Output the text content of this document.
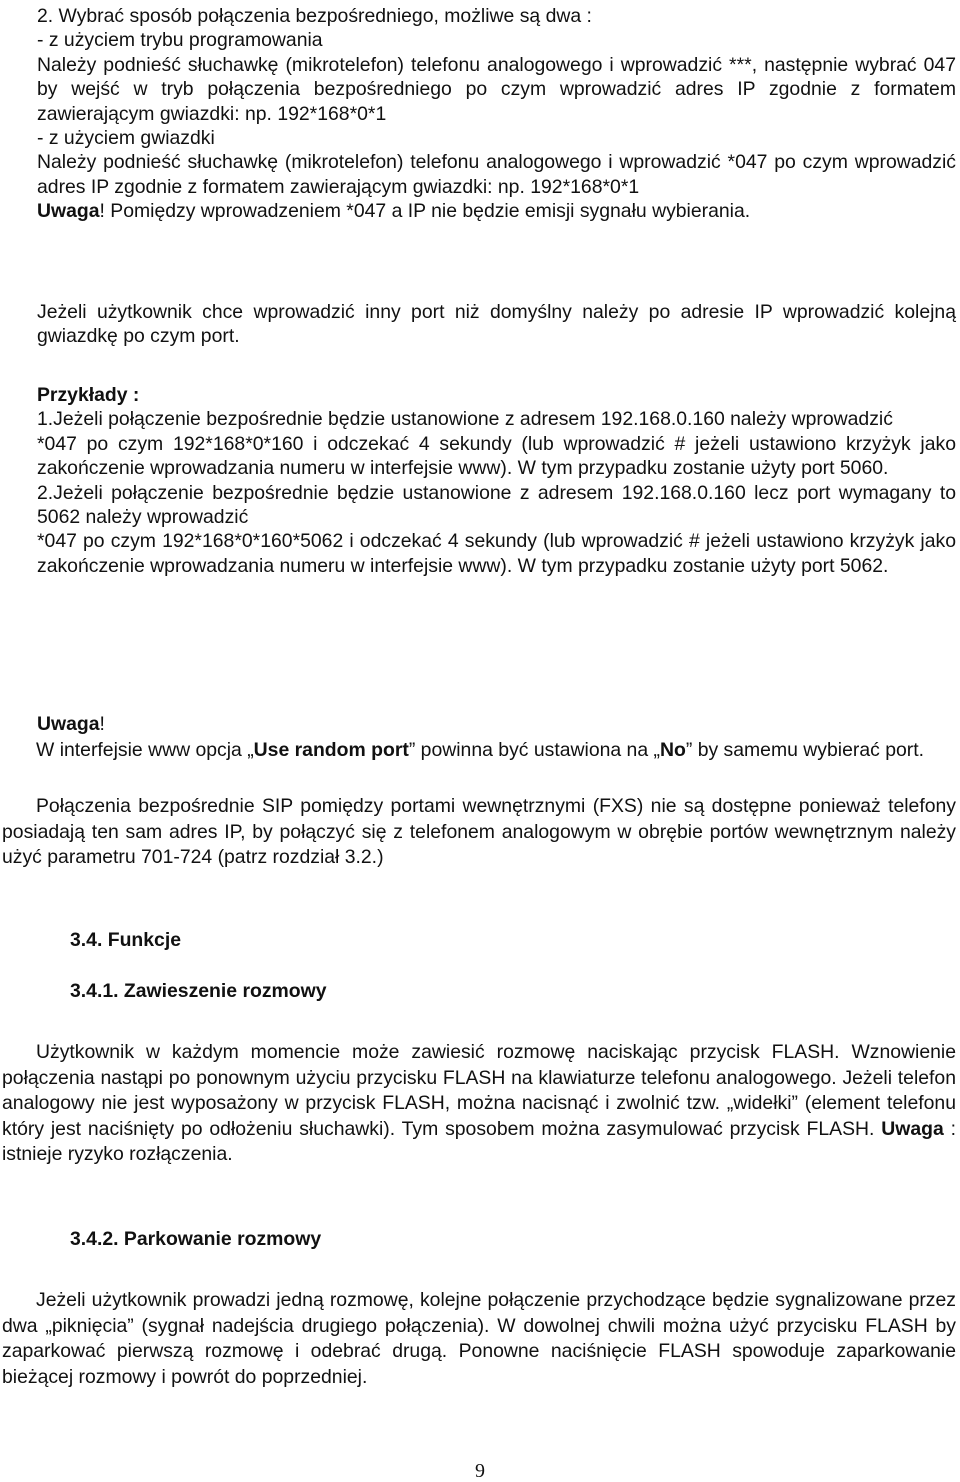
2. Wybrać sposób połączenia bezpośredniego, możliwe są dwa :

- z użyciem trybu programowania

Należy podnieść słuchawkę (mikrotelefon) telefonu analogowego i wprowadzić ***, następnie wybrać 047 by wejść w tryb połączenia bezpośredniego po czym wprowadzić adres IP zgodnie z formatem zawierającym gwiazdki: np. 192*168*0*1

- z użyciem gwiazdki

Należy podnieść słuchawkę (mikrotelefon) telefonu analogowego i wprowadzić *047 po czym wprowadzić adres IP zgodnie z formatem zawierającym gwiazdki: np. 192*168*0*1

Uwaga! Pomiędzy wprowadzeniem *047 a IP nie będzie emisji sygnału wybierania.

Jeżeli użytkownik chce wprowadzić inny port niż domyślny należy po adresie IP wprowadzić kolejną gwiazdkę po czym port.

Przykłady :

1.Jeżeli połączenie bezpośrednie będzie ustanowione z adresem 192.168.0.160 należy wprowadzić

*047 po czym 192*168*0*160 i odczekać 4 sekundy (lub wprowadzić # jeżeli ustawiono krzyżyk jako zakończenie wprowadzania numeru w interfejsie www). W tym przypadku zostanie użyty port 5060.

2.Jeżeli połączenie bezpośrednie będzie ustanowione z adresem 192.168.0.160 lecz port wymagany to 5062 należy wprowadzić

*047 po czym 192*168*0*160*5062 i odczekać 4 sekundy (lub wprowadzić # jeżeli ustawiono krzyżyk jako zakończenie wprowadzania numeru w interfejsie www). W tym przypadku zostanie użyty port 5062.

Uwaga!

W interfejsie www opcja „Use random port” powinna być ustawiona na „No” by samemu wybierać port.

Połączenia bezpośrednie SIP pomiędzy portami wewnętrznymi (FXS) nie są dostępne ponieważ telefony posiadają ten sam adres IP, by połączyć się z telefonem analogowym w obrębie portów wewnętrznym należy użyć parametru 701-724 (patrz rozdział 3.2.)

3.4. Funkcje
3.4.1. Zawieszenie rozmowy

Użytkownik w każdym momencie może zawiesić rozmowę naciskając przycisk FLASH. Wznowienie połączenia nastąpi po ponownym użyciu przycisku FLASH na klawiaturze telefonu analogowego. Jeżeli telefon analogowy nie jest wyposażony w przycisk FLASH, można nacisnąć i zwolnić tzw. „widełki” (element telefonu który jest naciśnięty po odłożeniu słuchawki). Tym sposobem można zasymulować przycisk FLASH. Uwaga : istnieje ryzyko rozłączenia.

3.4.2. Parkowanie rozmowy

Jeżeli użytkownik prowadzi jedną rozmowę, kolejne połączenie przychodzące będzie sygnalizowane przez dwa „piknięcia” (sygnał nadejścia drugiego połączenia). W dowolnej chwili można użyć przycisku FLASH by zaparkować pierwszą rozmowę i odebrać drugą. Ponowne naciśnięcie FLASH spowoduje zaparkowanie bieżącej rozmowy i powrót do poprzedniej.

9
